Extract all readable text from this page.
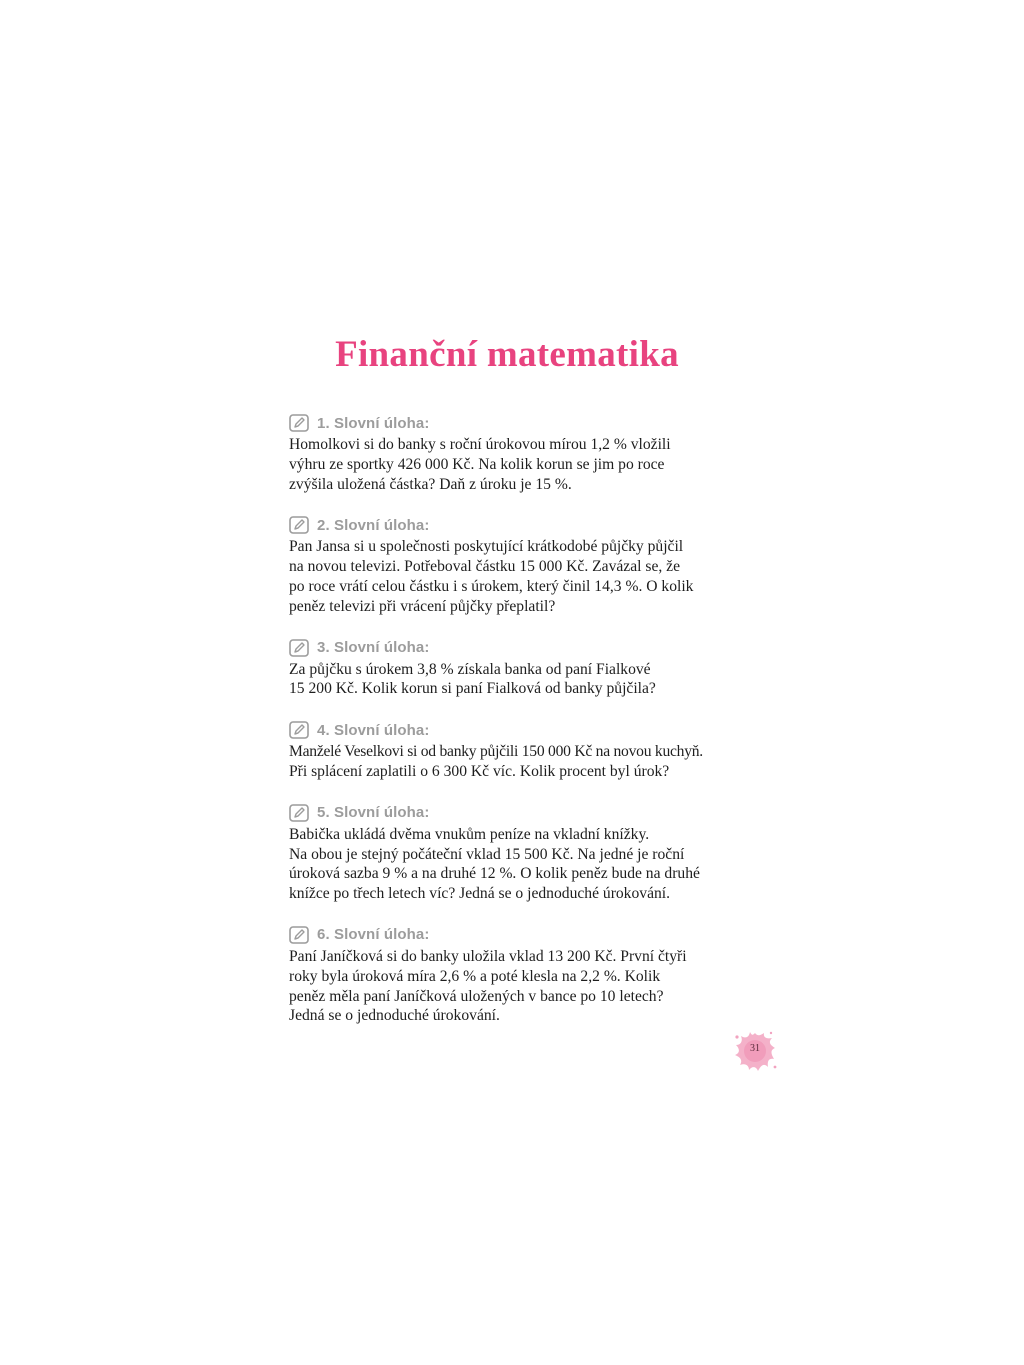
Finanční matematika
1. Slovní úloha:

Homolkovi si do banky s roční úrokovou mírou 1,2 % vložili
výhru ze sportky 426 000 Kč. Na kolik korun se jim po roce
zvýšila uložená částka? Daň z úroku je 15 %.

2. Slovní úloha:

Pan Jansa si u společnosti poskytující krátkodobé půjčky půjčil
na novou televizi. Potřeboval částku 15 000 Kč. Zavázal se, že
po roce vrátí celou částku i s úrokem, který činil 14,3 %. O kolik
peněz televizi při vrácení půjčky přeplatil?

3. Slovní úloha:

Za půjčku s úrokem 3,8 % získala banka od paní Fialkové
15 200 Kč. Kolik korun si paní Fialková od banky půjčila?

4. Slovní úloha:

Manželé Veselkovi si od banky půjčili 150 000 Kč na novou kuchyň.
Při splácení zaplatili o 6 300 Kč víc. Kolik procent byl úrok?

5. Slovní úloha:

Babička ukládá dvěma vnukům peníze na vkladní knížky.
Na obou je stejný počáteční vklad 15 500 Kč. Na jedné je roční
úroková sazba 9 % a na druhé 12 %. O kolik peněz bude na druhé
knížce po třech letech víc? Jedná se o jednoduché úrokování.

6. Slovní úloha:

Paní Janíčková si do banky uložila vklad 13 200 Kč. První čtyři
roky byla úroková míra 2,6 % a poté klesla na 2,2 %. Kolik
peněz měla paní Janíčková uložených v bance po 10 letech?
Jedná se o jednoduché úrokování.

31
